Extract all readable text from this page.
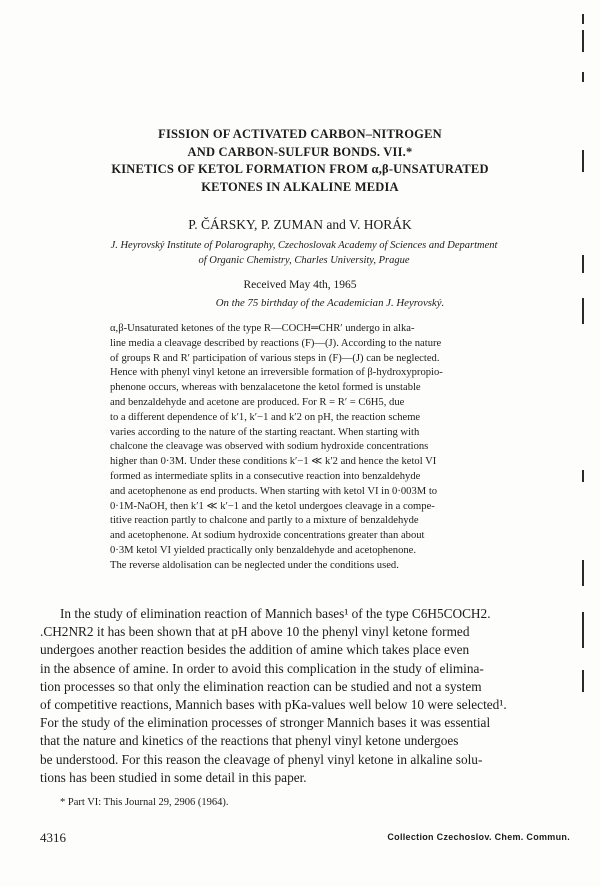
FISSION OF ACTIVATED CARBON–NITROGEN
AND CARBON-SULFUR BONDS. VII.*
KINETICS OF KETOL FORMATION FROM α,β-UNSATURATED
KETONES IN ALKALINE MEDIA
P. ČÁRSKY, P. ZUMAN and V. HORÁK
J. Heyrovský Institute of Polarography, Czechoslovak Academy of Sciences and Department
of Organic Chemistry, Charles University, Prague
Received May 4th, 1965
On the 75 birthday of the Academician J. Heyrovský.
α,β-Unsaturated ketones of the type R—COCH═CHR′ undergo in alka-
line media a cleavage described by reactions (F)—(J). According to the nature
of groups R and R′ participation of various steps in (F)—(J) can be neglected.
Hence with phenyl vinyl ketone an irreversible formation of β-hydroxypropio-
phenone occurs, whereas with benzalacetone the ketol formed is unstable
and benzaldehyde and acetone are produced. For R = R′ = C6H5, due
to a different dependence of k′1, k′−1 and k′2 on pH, the reaction scheme
varies according to the nature of the starting reactant. When starting with
chalcone the cleavage was observed with sodium hydroxide concentrations
higher than 0·3M. Under these conditions k′−1 ≪ k′2 and hence the ketol VI
formed as intermediate splits in a consecutive reaction into benzaldehyde
and acetophenone as end products. When starting with ketol VI in 0·003M to
0·1M-NaOH, then k′1 ≪ k′−1 and the ketol undergoes cleavage in a compe-
titive reaction partly to chalcone and partly to a mixture of benzaldehyde
and acetophenone. At sodium hydroxide concentrations greater than about
0·3M ketol VI yielded practically only benzaldehyde and acetophenone.
The reverse aldolisation can be neglected under the conditions used.
In the study of elimination reaction of Mannich bases¹ of the type C6H5COCH2.
.CH2NR2 it has been shown that at pH above 10 the phenyl vinyl ketone formed
undergoes another reaction besides the addition of amine which takes place even
in the absence of amine. In order to avoid this complication in the study of elimina-
tion processes so that only the elimination reaction can be studied and not a system
of competitive reactions, Mannich bases with pKa-values well below 10 were selected¹.
For the study of the elimination processes of stronger Mannich bases it was essential
that the nature and kinetics of the reactions that phenyl vinyl ketone undergoes
be understood. For this reason the cleavage of phenyl vinyl ketone in alkaline solu-
tions has been studied in some detail in this paper.
* Part VI: This Journal 29, 2906 (1964).
4316	Collection Czechoslov. Chem. Commun.
